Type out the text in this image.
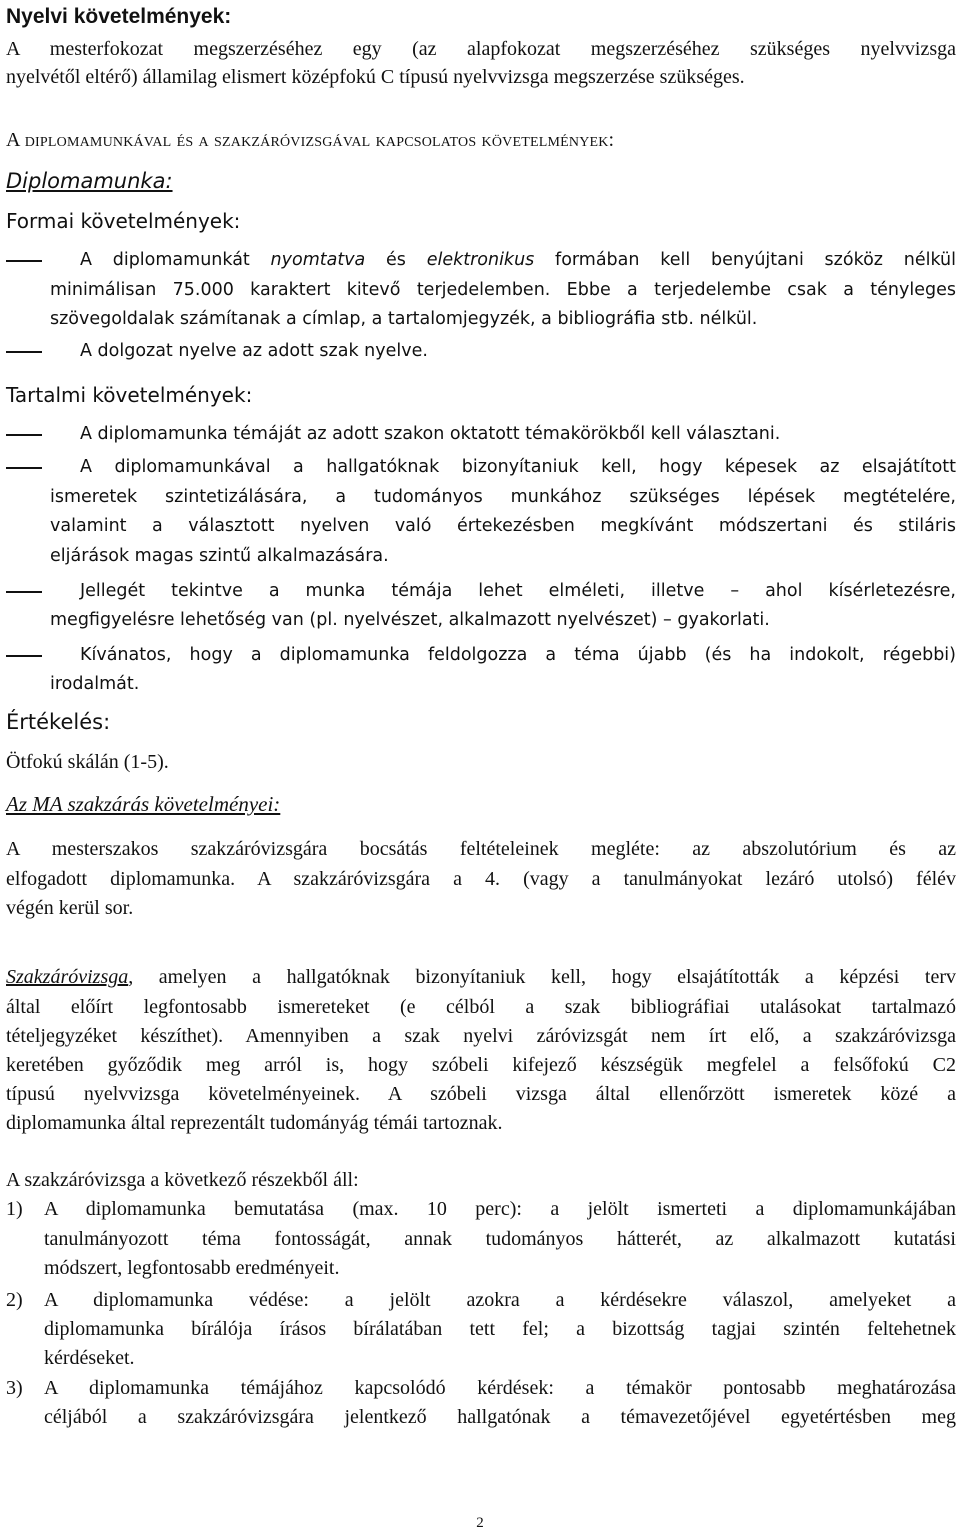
Nyelvi követelmények:
A mesterfokozat megszerzéséhez egy (az alapfokozat megszerzéséhez szükséges nyelvvizsga
nyelvétől eltérő) államilag elismert középfokú C típusú nyelvvizsga megszerzése szükséges.
A diplomamunkával és a szakzáróvizsgával kapcsolatos követelmények:
Diplomamunka:
Formai követelmények:
A diplomamunkát nyomtatva és elektronikus formában kell benyújtani szóköz nélkül
minimálisan 75.000 karaktert kitevő terjedelemben. Ebbe a terjedelembe csak a tényleges
szövegoldalak számítanak a címlap, a tartalomjegyzék, a bibliográfia stb. nélkül.
A dolgozat nyelve az adott szak nyelve.
Tartalmi követelmények:
A diplomamunka témáját az adott szakon oktatott témakörökből kell választani.
A diplomamunkával a hallgatóknak bizonyítaniuk kell, hogy képesek az elsajátított
ismeretek szintetizálására, a tudományos munkához szükséges lépések megtételére,
valamint a választott nyelven való értekezésben megkívánt módszertani és stiláris
eljárások magas szintű alkalmazására.
Jellegét tekintve a munka témája lehet elméleti, illetve – ahol kísérletezésre,
megfigyelésre lehetőség van (pl. nyelvészet, alkalmazott nyelvészet) – gyakorlati.
Kívánatos, hogy a diplomamunka feldolgozza a téma újabb (és ha indokolt, régebbi)
irodalmát.
Értékelés:
Ötfokú skálán (1-5).
Az MA szakzárás követelményei:
A mesterszakos szakzáróvizsgára bocsátás feltételeinek megléte: az abszolutórium és az
elfogadott diplomamunka. A szakzáróvizsgára a 4. (vagy a tanulmányokat lezáró utolsó) félév
végén kerül sor.
Szakzáróvizsga, amelyen a hallgatóknak bizonyítaniuk kell, hogy elsajátították a képzési terv
által előírt legfontosabb ismereteket (e célból a szak bibliográfiai utalásokat tartalmazó
tételjegyzéket készíthet). Amennyiben a szak nyelvi záróvizsgát nem írt elő, a szakzáróvizsga
keretében győződik meg arról is, hogy szóbeli kifejező készségük megfelel a felsőfokú C2
típusú nyelvvizsga követelményeinek. A szóbeli vizsga által ellenőrzött ismeretek közé a
diplomamunka által reprezentált tudományág témái tartoznak.
A szakzáróvizsga a következő részekből áll:
1) A diplomamunka bemutatása (max. 10 perc): a jelölt ismerteti a diplomamunkájában
tanulmányozott téma fontosságát, annak tudományos hátterét, az alkalmazott kutatási
módszert, legfontosabb eredményeit.
2) A diplomamunka védése: a jelölt azokra a kérdésekre válaszol, amelyeket a
diplomamunka bírálója írásos bírálatában tett fel; a bizottság tagjai szintén feltehetnek
kérdéseket.
3) A diplomamunka témájához kapcsolódó kérdések: a témakör pontosabb meghatározása
céljából a szakzáróvizsgára jelentkező hallgatónak a témavezetőjével egyetértésben meg
2
